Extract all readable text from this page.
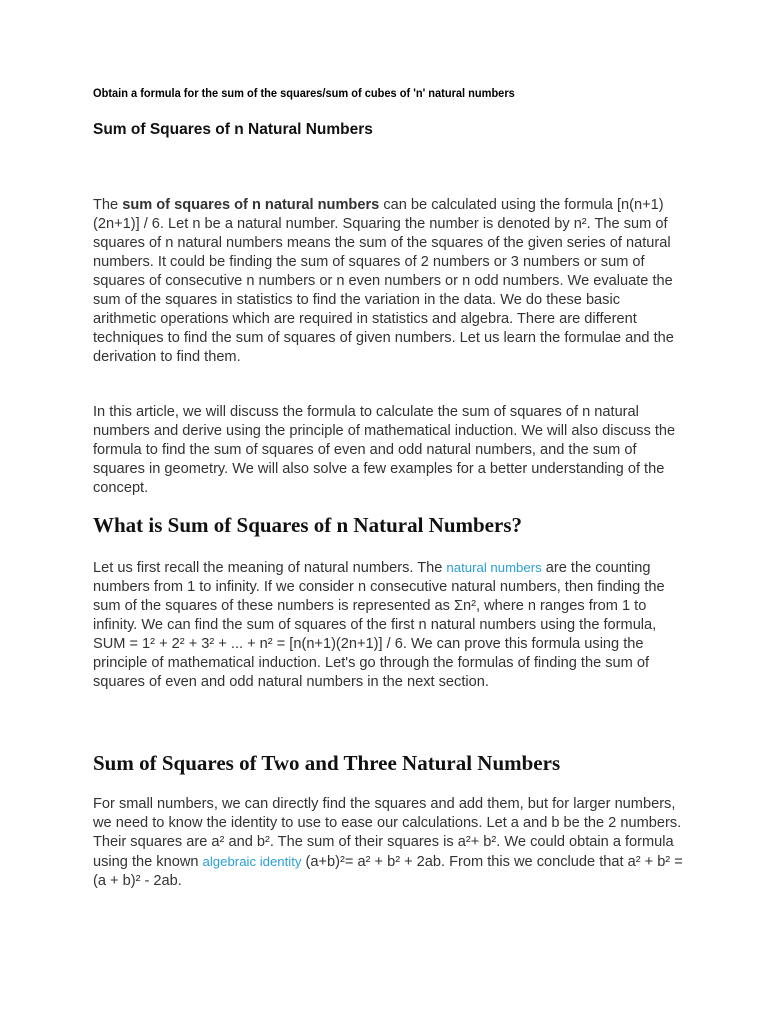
Obtain a formula for the sum of the squares/sum of cubes of 'n' natural numbers
Sum of Squares of n Natural Numbers

The sum of squares of n natural numbers can be calculated using the formula [n(n+1)(2n+1)] / 6. Let n be a natural number. Squaring the number is denoted by n². The sum of squares of n natural numbers means the sum of the squares of the given series of natural numbers. It could be finding the sum of squares of 2 numbers or 3 numbers or sum of squares of consecutive n numbers or n even numbers or n odd numbers. We evaluate the sum of the squares in statistics to find the variation in the data. We do these basic arithmetic operations which are required in statistics and algebra. There are different techniques to find the sum of squares of given numbers. Let us learn the formulae and the derivation to find them.

In this article, we will discuss the formula to calculate the sum of squares of n natural numbers and derive using the principle of mathematical induction. We will also discuss the formula to find the sum of squares of even and odd natural numbers, and the sum of squares in geometry. We will also solve a few examples for a better understanding of the concept.

What is Sum of Squares of n Natural Numbers?

Let us first recall the meaning of natural numbers. The natural numbers are the counting numbers from 1 to infinity. If we consider n consecutive natural numbers, then finding the sum of the squares of these numbers is represented as Σn², where n ranges from 1 to infinity. We can find the sum of squares of the first n natural numbers using the formula, SUM = 1² + 2² + 3² + ... + n² = [n(n+1)(2n+1)] / 6. We can prove this formula using the principle of mathematical induction. Let's go through the formulas of finding the sum of squares of even and odd natural numbers in the next section.

Sum of Squares of Two and Three Natural Numbers

For small numbers, we can directly find the squares and add them, but for larger numbers, we need to know the identity to use to ease our calculations. Let a and b be the 2 numbers. Their squares are a² and b². The sum of their squares is a²+ b². We could obtain a formula using the known algebraic identity (a+b)²= a² + b² + 2ab. From this we conclude that a² + b² = (a + b)² - 2ab.
